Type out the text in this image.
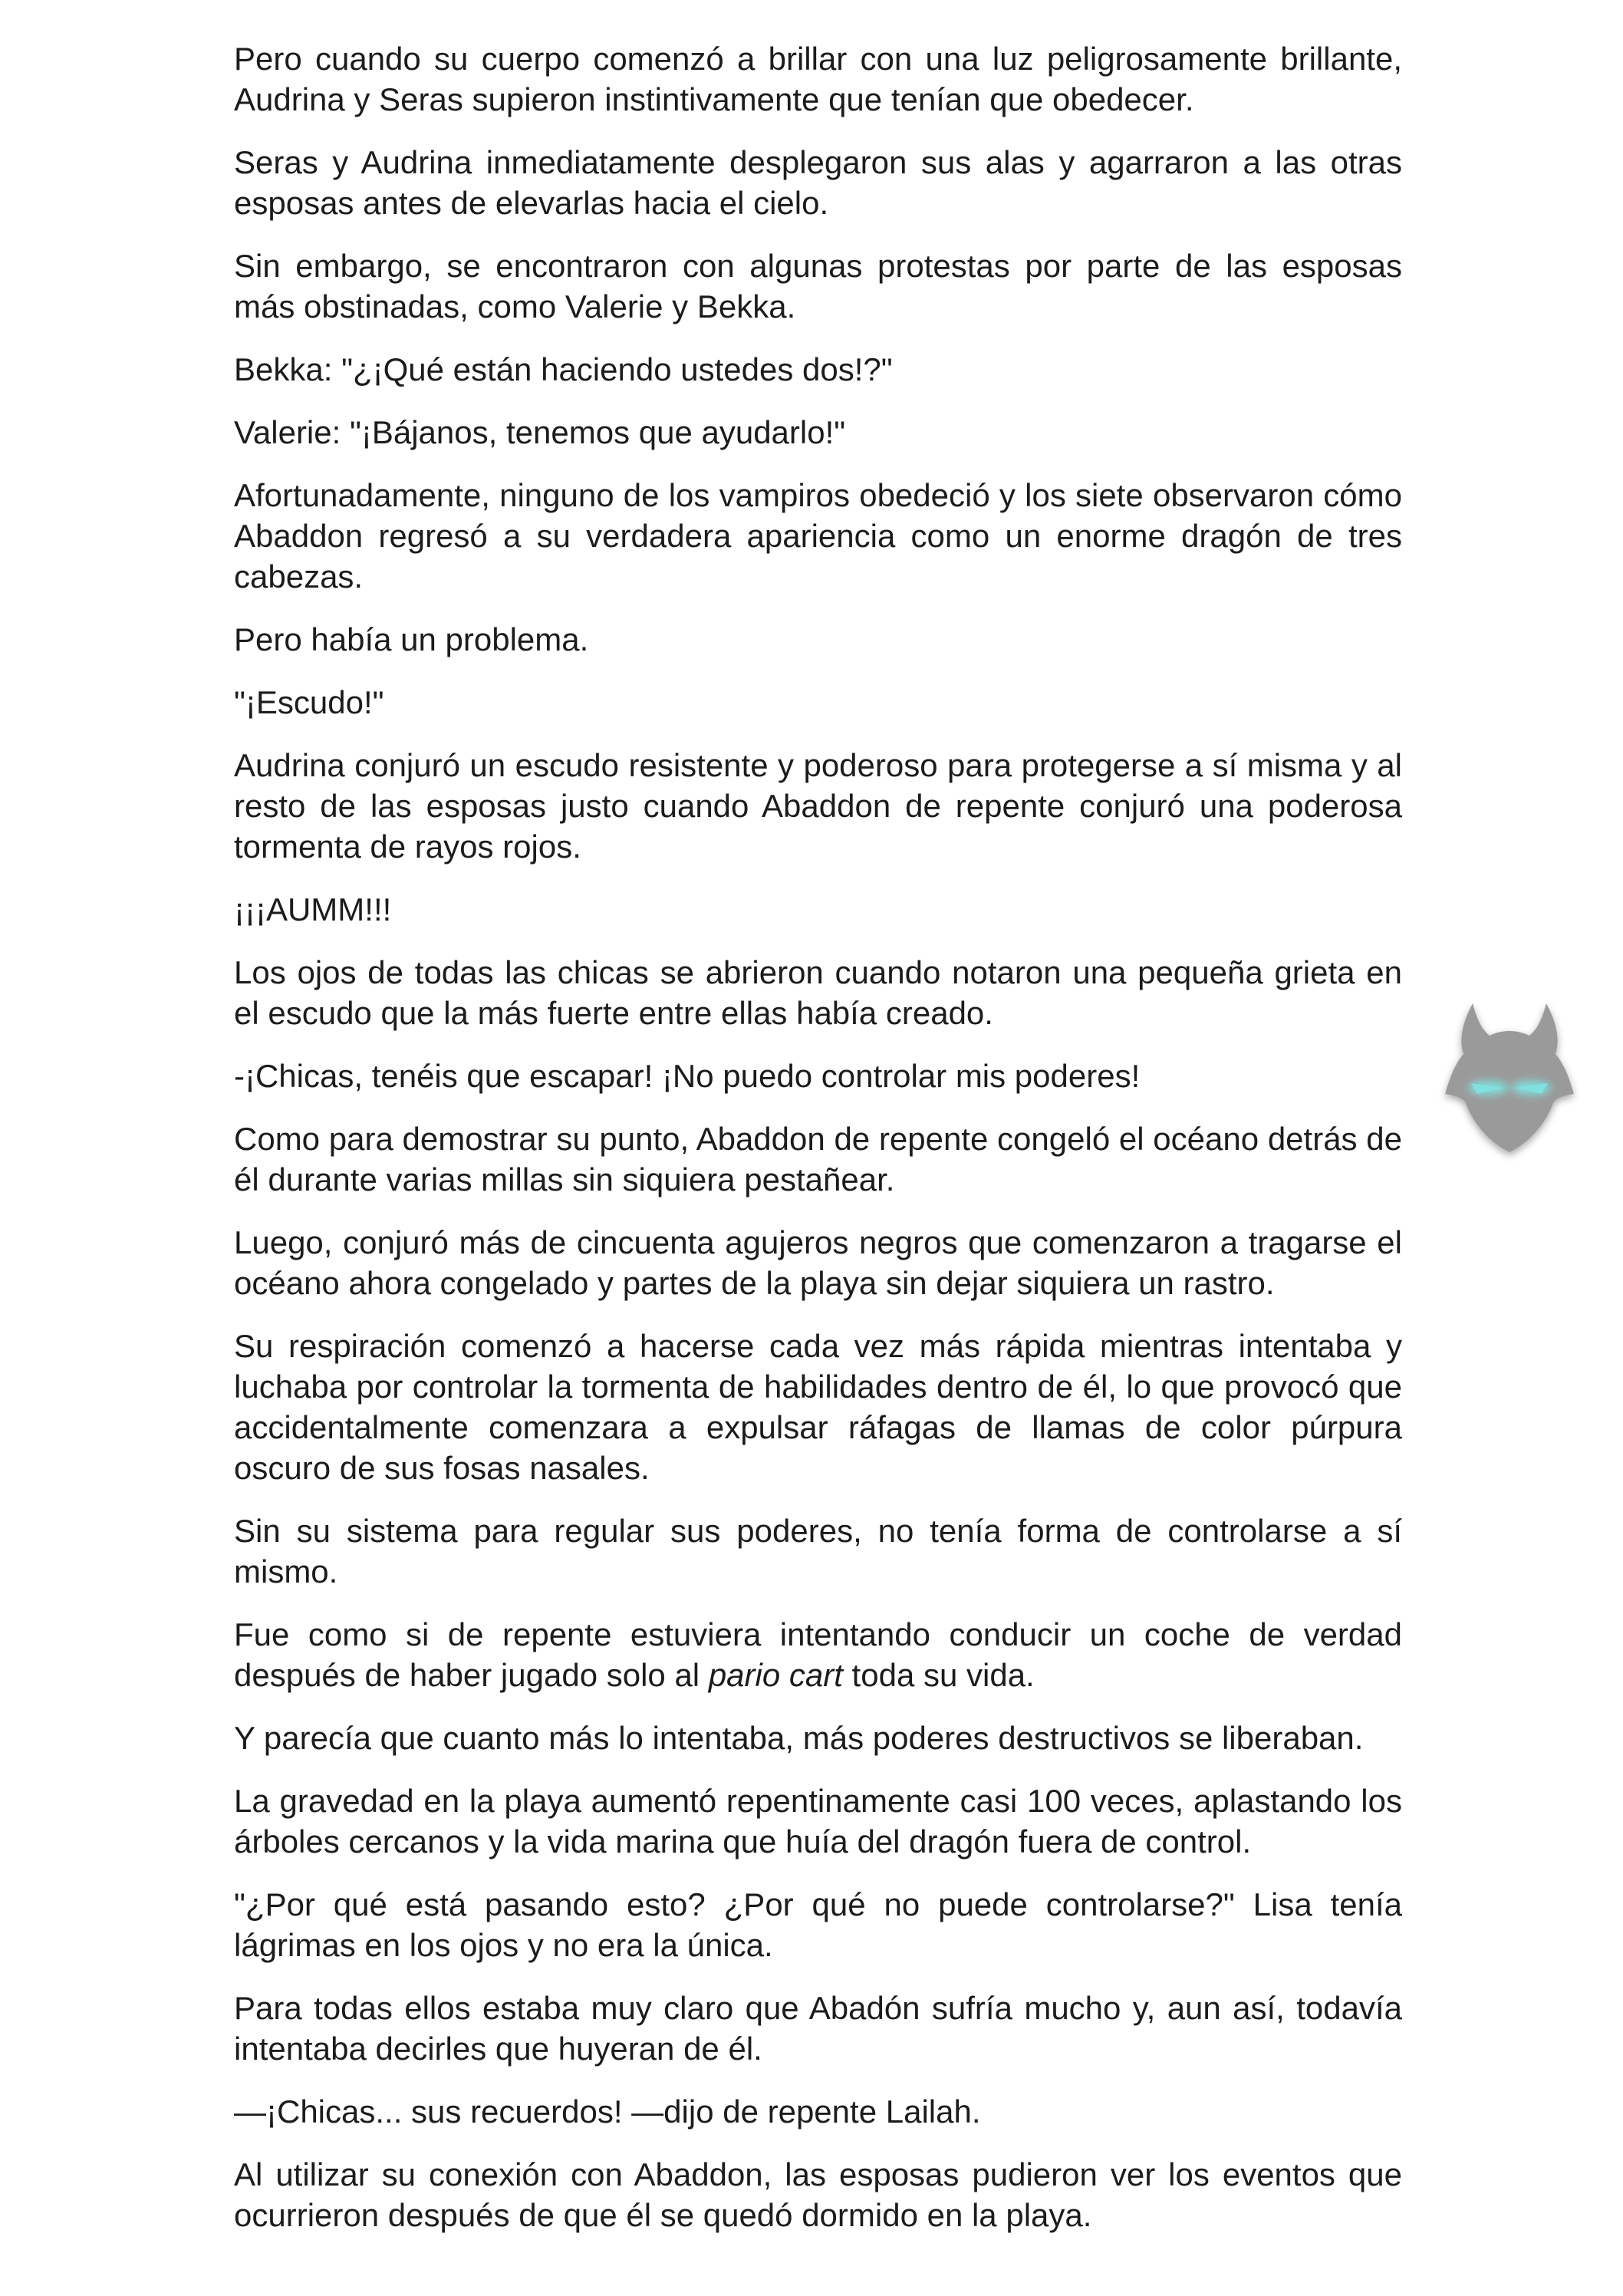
Pero cuando su cuerpo comenzó a brillar con una luz peligrosamente brillante, Audrina y Seras supieron instintivamente que tenían que obedecer.

Seras y Audrina inmediatamente desplegaron sus alas y agarraron a las otras esposas antes de elevarlas hacia el cielo.

Sin embargo, se encontraron con algunas protestas por parte de las esposas más obstinadas, como Valerie y Bekka.

Bekka: "¿¡Qué están haciendo ustedes dos!?"

Valerie: "¡Bájanos, tenemos que ayudarlo!"

Afortunadamente, ninguno de los vampiros obedeció y los siete observaron cómo Abaddon regresó a su verdadera apariencia como un enorme dragón de tres cabezas.

Pero había un problema.

"¡Escudo!"

Audrina conjuró un escudo resistente y poderoso para protegerse a sí misma y al resto de las esposas justo cuando Abaddon de repente conjuró una poderosa tormenta de rayos rojos.

¡¡¡AUMM!!!

Los ojos de todas las chicas se abrieron cuando notaron una pequeña grieta en el escudo que la más fuerte entre ellas había creado.

-¡Chicas, tenéis que escapar! ¡No puedo controlar mis poderes!

Como para demostrar su punto, Abaddon de repente congeló el océano detrás de él durante varias millas sin siquiera pestañear.

Luego, conjuró más de cincuenta agujeros negros que comenzaron a tragarse el océano ahora congelado y partes de la playa sin dejar siquiera un rastro.

Su respiración comenzó a hacerse cada vez más rápida mientras intentaba y luchaba por controlar la tormenta de habilidades dentro de él, lo que provocó que accidentalmente comenzara a expulsar ráfagas de llamas de color púrpura oscuro de sus fosas nasales.

Sin su sistema para regular sus poderes, no tenía forma de controlarse a sí mismo.

Fue como si de repente estuviera intentando conducir un coche de verdad después de haber jugado solo al pario cart toda su vida.

Y parecía que cuanto más lo intentaba, más poderes destructivos se liberaban.

La gravedad en la playa aumentó repentinamente casi 100 veces, aplastando los árboles cercanos y la vida marina que huía del dragón fuera de control.

"¿Por qué está pasando esto? ¿Por qué no puede controlarse?" Lisa tenía lágrimas en los ojos y no era la única.

Para todas ellos estaba muy claro que Abadón sufría mucho y, aun así, todavía intentaba decirles que huyeran de él.

—¡Chicas... sus recuerdos! —dijo de repente Lailah.

Al utilizar su conexión con Abaddon, las esposas pudieron ver los eventos que ocurrieron después de que él se quedó dormido en la playa.
